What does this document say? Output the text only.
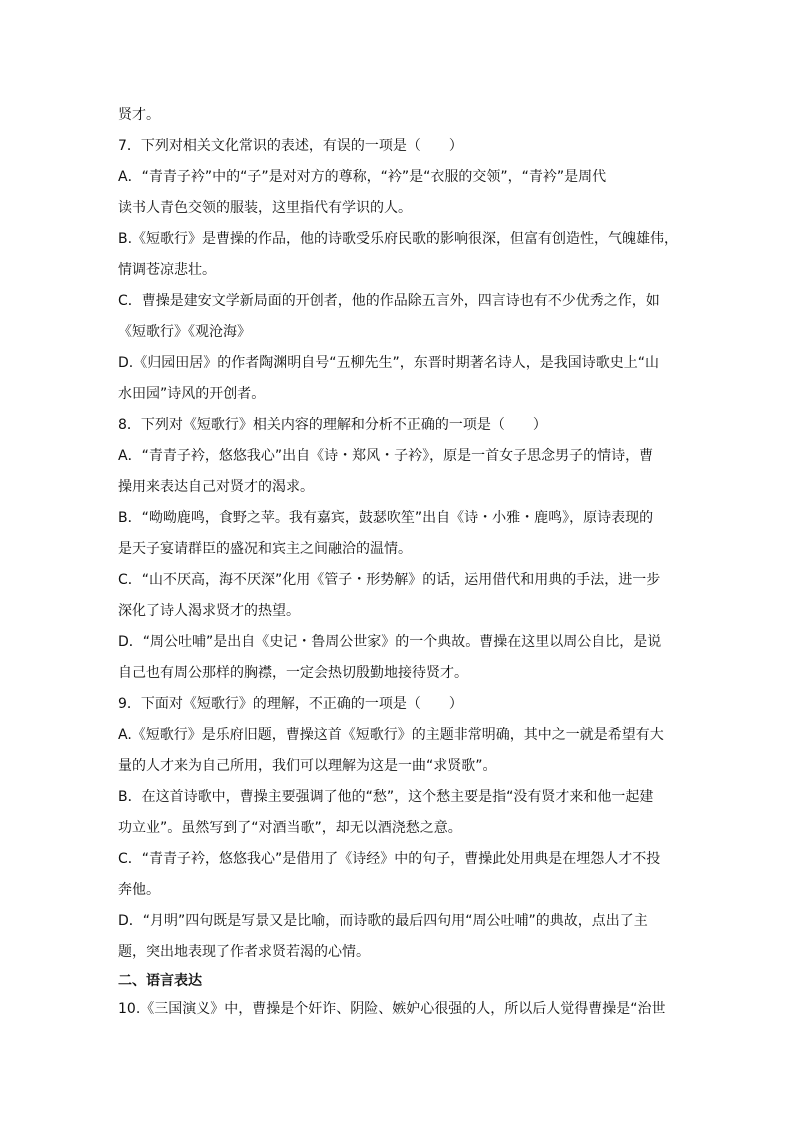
贤才。
7．下列对相关文化常识的表述，有误的一项是（　　）
A．“青青子衿”中的“子”是对对方的尊称，“衿”是“衣服的交领”，“青衿”是周代
读书人青色交领的服装，这里指代有学识的人。
B.《短歌行》是曹操的作品，他的诗歌受乐府民歌的影响很深，但富有创造性，气魄雄伟，
情调苍凉悲壮。
C．曹操是建安文学新局面的开创者，他的作品除五言外，四言诗也有不少优秀之作，如
《短歌行》《观沧海》
D.《归园田居》的作者陶渊明自号“五柳先生”，东晋时期著名诗人，是我国诗歌史上“山
水田园”诗风的开创者。
8．下列对《短歌行》相关内容的理解和分析不正确的一项是（　　）
A．“青青子衿，悠悠我心”出自《诗・郑风・子衿》，原是一首女子思念男子的情诗，曹
操用来表达自己对贤才的渴求。
B．“呦呦鹿鸣，食野之苹。我有嘉宾，鼓瑟吹笙”出自《诗・小雅・鹿鸣》，原诗表现的
是天子宴请群臣的盛况和宾主之间融洽的温情。
C．“山不厌高，海不厌深”化用《管子・形势解》的话，运用借代和用典的手法，进一步
深化了诗人渴求贤才的热望。
D．“周公吐哺”是出自《史记・鲁周公世家》的一个典故。曹操在这里以周公自比，是说
自己也有周公那样的胸襟，一定会热切殷勤地接待贤才。
9．下面对《短歌行》的理解，不正确的一项是（　　）
A.《短歌行》是乐府旧题，曹操这首《短歌行》的主题非常明确，其中之一就是希望有大
量的人才来为自己所用，我们可以理解为这是一曲“求贤歌”。
B．在这首诗歌中，曹操主要强调了他的“愁”，这个愁主要是指“没有贤才来和他一起建
功立业”。虽然写到了“对酒当歌”，却无以酒浇愁之意。
C．“青青子衿，悠悠我心”是借用了《诗经》中的句子，曹操此处用典是在埋怨人才不投
奔他。
D．“月明”四句既是写景又是比喻，而诗歌的最后四句用“周公吐哺”的典故，点出了主
题，突出地表现了作者求贤若渴的心情。
二、语言表达
10.《三国演义》中，曹操是个奸诈、阴险、嫉妒心很强的人，所以后人觉得曹操是“治世
